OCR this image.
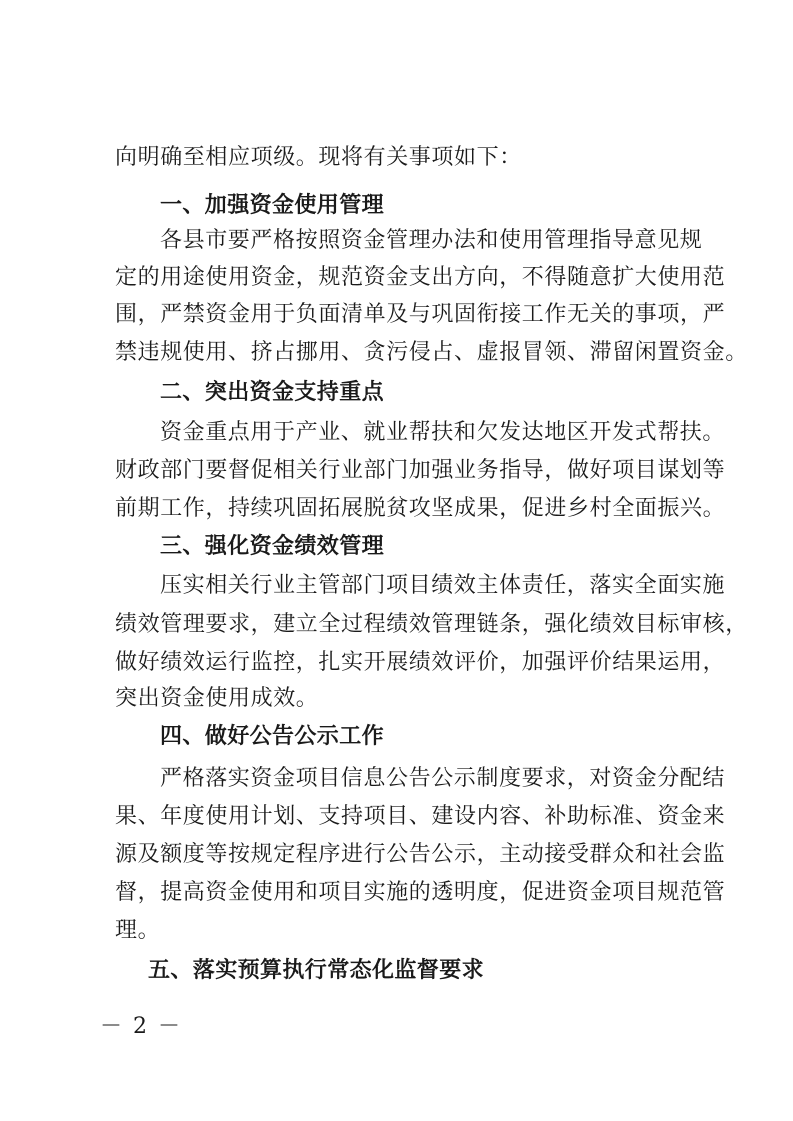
向明确至相应项级。现将有关事项如下：
一、加强资金使用管理
各县市要严格按照资金管理办法和使用管理指导意见规
定的用途使用资金，规范资金支出方向，不得随意扩大使用范
围，严禁资金用于负面清单及与巩固衔接工作无关的事项，严
禁违规使用、挤占挪用、贪污侵占、虚报冒领、滞留闲置资金。
二、突出资金支持重点
资金重点用于产业、就业帮扶和欠发达地区开发式帮扶。
财政部门要督促相关行业部门加强业务指导，做好项目谋划等
前期工作，持续巩固拓展脱贫攻坚成果，促进乡村全面振兴。
三、强化资金绩效管理
压实相关行业主管部门项目绩效主体责任，落实全面实施
绩效管理要求，建立全过程绩效管理链条，强化绩效目标审核，
做好绩效运行监控，扎实开展绩效评价，加强评价结果运用，
突出资金使用成效。
四、做好公告公示工作
严格落实资金项目信息公告公示制度要求，对资金分配结
果、年度使用计划、支持项目、建设内容、补助标准、资金来
源及额度等按规定程序进行公告公示，主动接受群众和社会监
督，提高资金使用和项目实施的透明度，促进资金项目规范管
理。
五、落实预算执行常态化监督要求
－ 2 －
